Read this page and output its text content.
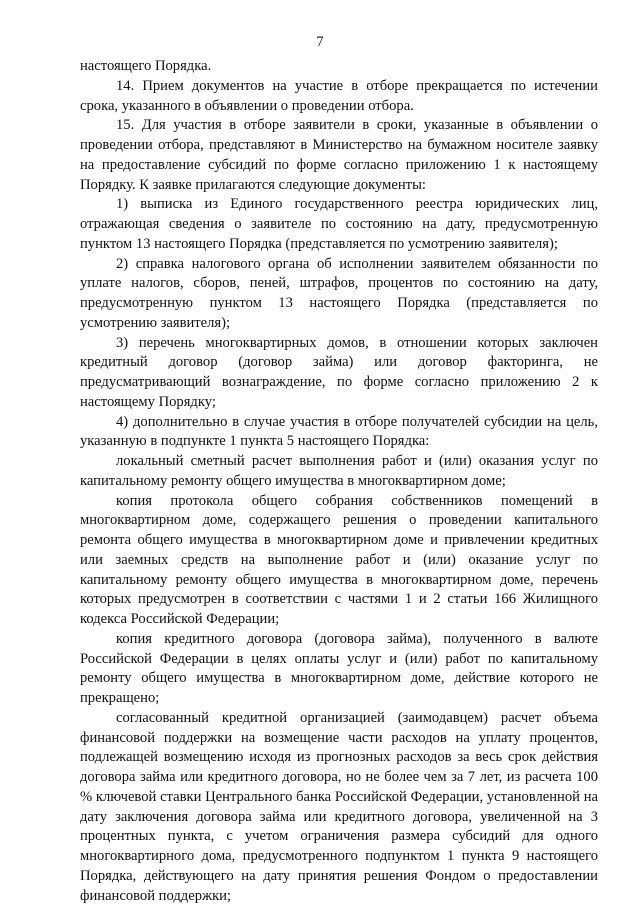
7

настоящего Порядка.

14. Прием документов на участие в отборе прекращается по истечении срока, указанного в объявлении о проведении отбора.

15. Для участия в отборе заявители в сроки, указанные в объявлении о проведении отбора, представляют в Министерство на бумажном носителе заявку на предоставление субсидий по форме согласно приложению 1 к настоящему Порядку. К заявке прилагаются следующие документы:

1) выписка из Единого государственного реестра юридических лиц, отражающая сведения о заявителе по состоянию на дату, предусмотренную пунктом 13 настоящего Порядка (представляется по усмотрению заявителя);

2) справка налогового органа об исполнении заявителем обязанности по уплате налогов, сборов, пеней, штрафов, процентов по состоянию на дату, предусмотренную пунктом 13 настоящего Порядка (представляется по усмотрению заявителя);

3) перечень многоквартирных домов, в отношении которых заключен кредитный договор (договор займа) или договор факторинга, не предусматривающий вознаграждение, по форме согласно приложению 2 к настоящему Порядку;

4) дополнительно в случае участия в отборе получателей субсидии на цель, указанную в подпункте 1 пункта 5 настоящего Порядка:

локальный сметный расчет выполнения работ и (или) оказания услуг по капитальному ремонту общего имущества в многоквартирном доме;

копия протокола общего собрания собственников помещений в многоквартирном доме, содержащего решения о проведении капитального ремонта общего имущества в многоквартирном доме и привлечении кредитных или заемных средств на выполнение работ и (или) оказание услуг по капитальному ремонту общего имущества в многоквартирном доме, перечень которых предусмотрен в соответствии с частями 1 и 2 статьи 166 Жилищного кодекса Российской Федерации;

копия кредитного договора (договора займа), полученного в валюте Российской Федерации в целях оплаты услуг и (или) работ по капитальному ремонту общего имущества в многоквартирном доме, действие которого не прекращено;

согласованный кредитной организацией (заимодавцем) расчет объема финансовой поддержки на возмещение части расходов на уплату процентов, подлежащей возмещению исходя из прогнозных расходов за весь срок действия договора займа или кредитного договора, но не более чем за 7 лет, из расчета 100 % ключевой ставки Центрального банка Российской Федерации, установленной на дату заключения договора займа или кредитного договора, увеличенной на 3 процентных пункта, с учетом ограничения размера субсидий для одного многоквартирного дома, предусмотренного подпунктом 1 пункта 9 настоящего Порядка, действующего на дату принятия решения Фондом о предоставлении финансовой поддержки;
